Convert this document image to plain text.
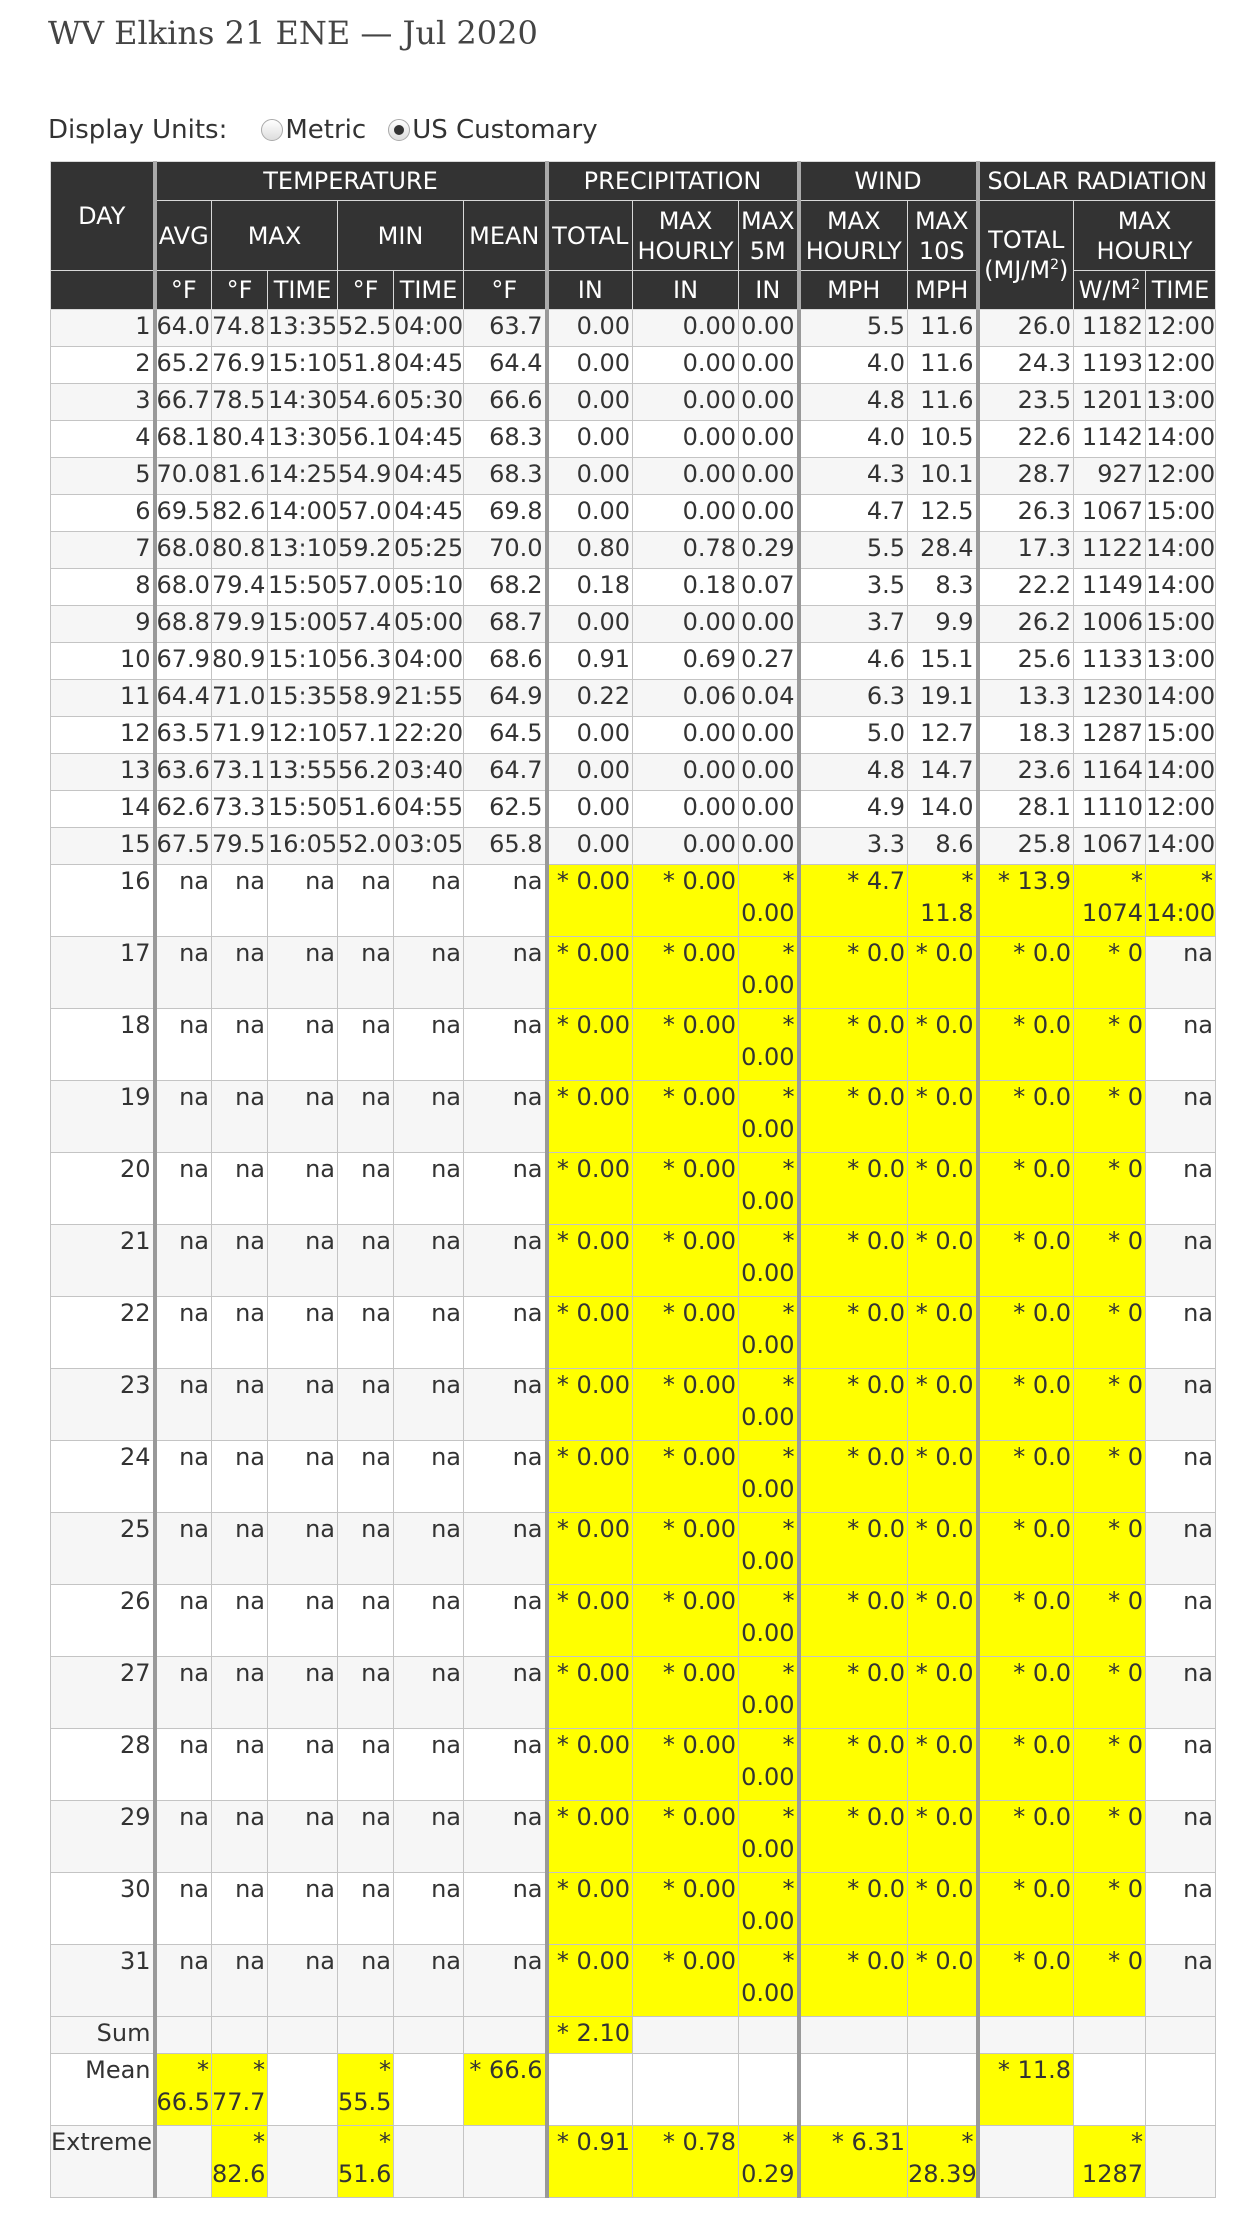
WV Elkins 21 ENE — Jul 2020
Display Units: Metric US Customary
DAY	TEMPERATURE						PRECIPITATION			WIND		SOLAR RADIATION		
	AVG	MAX		MIN		MEAN	TOTAL	MAX HOURLY	MAX 5M	MAX HOURLY	MAX 10S	TOTAL $(MJ/M^2)$	MAX HOURLY	
	°F	°F	TIME	°F	TIME	°F	IN	IN	IN	MPH	MPH		$W/M^2$	TIME
1	64.0	74.8	13:35	52.5	04:00	63.7	0.00	0.00	0.00	5.5	11.6	26.0	1182	12:00
2	65.2	76.9	15:10	51.8	04:45	64.4	0.00	0.00	0.00	4.0	11.6	24.3	1193	12:00
3	66.7	78.5	14:30	54.6	05:30	66.6	0.00	0.00	0.00	4.8	11.6	23.5	1201	13:00
4	68.1	80.4	13:30	56.1	04:45	68.3	0.00	0.00	0.00	4.0	10.5	22.6	1142	14:00
5	70.0	81.6	14:25	54.9	04:45	68.3	0.00	0.00	0.00	4.3	10.1	28.7	927	12:00
6	69.5	82.6	14:00	57.0	04:45	69.8	0.00	0.00	0.00	4.7	12.5	26.3	1067	15:00
7	68.0	80.8	13:10	59.2	05:25	70.0	0.80	0.78	0.29	5.5	28.4	17.3	1122	14:00
8	68.0	79.4	15:50	57.0	05:10	68.2	0.18	0.18	0.07	3.5	8.3	22.2	1149	14:00
9	68.8	79.9	15:00	57.4	05:00	68.7	0.00	0.00	0.00	3.7	9.9	26.2	1006	15:00
10	67.9	80.9	15:10	56.3	04:00	68.6	0.91	0.69	0.27	4.6	15.1	25.6	1133	13:00
11	64.4	71.0	15:35	58.9	21:55	64.9	0.22	0.06	0.04	6.3	19.1	13.3	1230	14:00
12	63.5	71.9	12:10	57.1	22:20	64.5	0.00	0.00	0.00	5.0	12.7	18.3	1287	15:00
13	63.6	73.1	13:55	56.2	03:40	64.7	0.00	0.00	0.00	4.8	14.7	23.6	1164	14:00
14	62.6	73.3	15:50	51.6	04:55	62.5	0.00	0.00	0.00	4.9	14.0	28.1	1110	12:00
15	67.5	79.5	16:05	52.0	03:05	65.8	0.00	0.00	0.00	3.3	8.6	25.8	1067	14:00
16	na	na	na	na	na	na	* 0.00	* 0.00	* 0.00	* 4.7	* 11.8	* 13.9	* 1074	* 14:00
17	na	na	na	na	na	na	* 0.00	* 0.00	* 0.00	* 0.0	* 0.0	* 0.0	* 0	na
18	na	na	na	na	na	na	* 0.00	* 0.00	* 0.00	* 0.0	* 0.0	* 0.0	* 0	na
19	na	na	na	na	na	na	* 0.00	* 0.00	* 0.00	* 0.0	* 0.0	* 0.0	* 0	na
20	na	na	na	na	na	na	* 0.00	* 0.00	* 0.00	* 0.0	* 0.0	* 0.0	* 0	na
21	na	na	na	na	na	na	* 0.00	* 0.00	* 0.00	* 0.0	* 0.0	* 0.0	* 0	na
22	na	na	na	na	na	na	* 0.00	* 0.00	* 0.00	* 0.0	* 0.0	* 0.0	* 0	na
23	na	na	na	na	na	na	* 0.00	* 0.00	* 0.00	* 0.0	* 0.0	* 0.0	* 0	na
24	na	na	na	na	na	na	* 0.00	* 0.00	* 0.00	* 0.0	* 0.0	* 0.0	* 0	na
25	na	na	na	na	na	na	* 0.00	* 0.00	* 0.00	* 0.0	* 0.0	* 0.0	* 0	na
26	na	na	na	na	na	na	* 0.00	* 0.00	* 0.00	* 0.0	* 0.0	* 0.0	* 0	na
27	na	na	na	na	na	na	* 0.00	* 0.00	* 0.00	* 0.0	* 0.0	* 0.0	* 0	na
28	na	na	na	na	na	na	* 0.00	* 0.00	* 0.00	* 0.0	* 0.0	* 0.0	* 0	na
29	na	na	na	na	na	na	* 0.00	* 0.00	* 0.00	* 0.0	* 0.0	* 0.0	* 0	na
30	na	na	na	na	na	na	* 0.00	* 0.00	* 0.00	* 0.0	* 0.0	* 0.0	* 0	na
31	na	na	na	na	na	na	* 0.00	* 0.00	* 0.00	* 0.0	* 0.0	* 0.0	* 0	na
Sum							* 2.10							
Mean	* 66.5	* 77.7		* 55.5		* 66.6						* 11.8		
Extreme		* 82.6		* 51.6			* 0.91	* 0.78	* 0.29	* 6.31	* 28.39		* 1287	
